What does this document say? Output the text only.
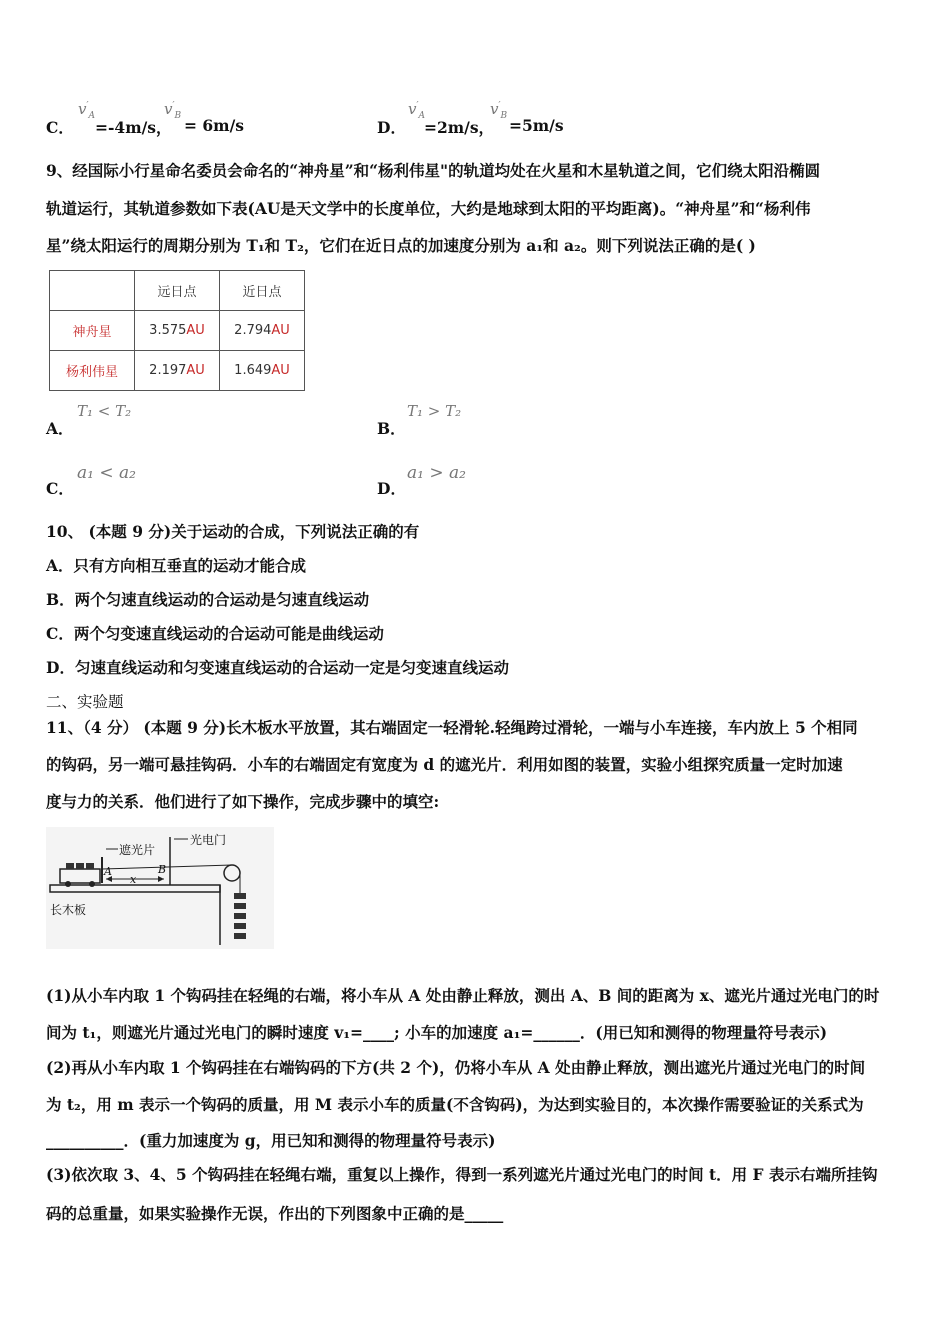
C．
$v'_A$
=-4m/s，
$v'_B = 6m/s$	D．
$v'_A$
=2m/s，
$v'_B =5m/s$
9、经国际小行星命名委员会命名的“神舟星”和“杨利伟星"的轨道均处在火星和木星轨道之间，它们绕太阳沿椭圆
轨道运行，其轨道参数如下表(AU是天文学中的长度单位，大约是地球到太阳的平均距离)。“神舟星”和“杨利伟
星”绕太阳运行的周期分别为 T₁和 T₂，它们在近日点的加速度分别为 a₁和 a₂。则下列说法正确的是( )
	远日点	近日点
神舟星	3.575AU	2.794AU
杨利伟星	2.197AU	1.649AU
A．
T₁ < T₂
B．
T₁ > T₂
C．
a₁ < a₂
D．
a₁ > a₂
10、 (本题 9 分)关于运动的合成，下列说法正确的有
A．只有方向相互垂直的运动才能合成
B．两个匀速直线运动的合运动是匀速直线运动
C．两个匀变速直线运动的合运动可能是曲线运动
D．匀速直线运动和匀变速直线运动的合运动一定是匀变速直线运动
二、实验题
11、（4 分） (本题 9 分)长木板水平放置，其右端固定一轻滑轮.轻绳跨过滑轮，一端与小车连接，车内放上 5 个相同
的钩码，另一端可悬挂钩码．小车的右端固定有宽度为 d 的遮光片．利用如图的装置，实验小组探究质量一定时加速
度与力的关系．他们进行了如下操作，完成步骤中的填空:
遮光片
光电门
长木板
A	B
x
(1)从小车内取 1 个钩码挂在轻绳的右端，将小车从 A 处由静止释放，测出 A、B 间的距离为 x、遮光片通过光电门的时
间为 t₁，则遮光片通过光电门的瞬时速度 v₁=____; 小车的加速度 a₁=______．(用已知和测得的物理量符号表示)
(2)再从小车内取 1 个钩码挂在右端钩码的下方(共 2 个)，仍将小车从 A 处由静止释放，测出遮光片通过光电门的时间
为 t₂，用 m 表示一个钩码的质量，用 M 表示小车的质量(不含钩码)，为达到实验目的，本次操作需要验证的关系式为
__________．(重力加速度为 g，用已知和测得的物理量符号表示)
(3)依次取 3、4、5 个钩码挂在轻绳右端，重复以上操作，得到一系列遮光片通过光电门的时间 t．用 F 表示右端所挂钩
码的总重量，如果实验操作无误，作出的下列图象中正确的是_____
